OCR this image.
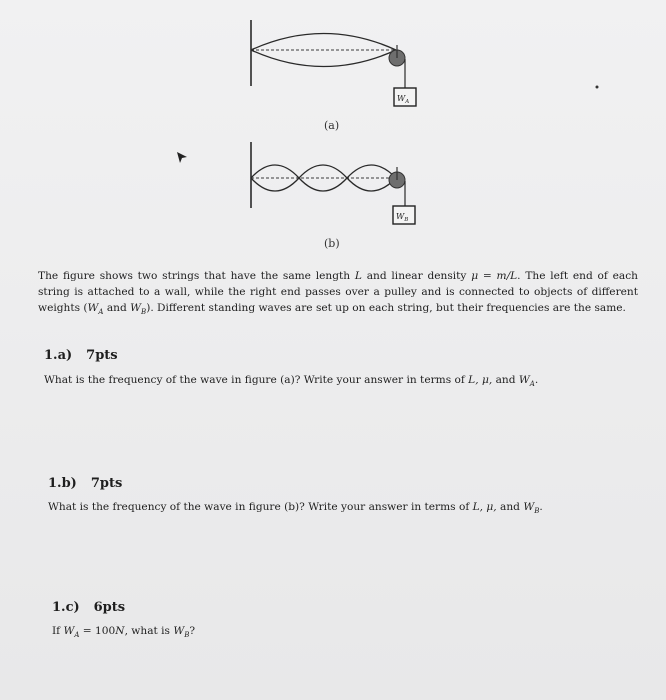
$W_A$
(a)
$W_B$
(b)
The figure shows two strings that have the same length L and linear density μ = m/L. The left end of each string is attached to a wall, while the right end passes over a pulley and is connected to objects of different weights ($W_A$ and $W_B$). Different standing waves are set up on each string, but their frequencies are the same.
1.a) 7pts
What is the frequency of the wave in figure (a)? Write your answer in terms of L, μ, and $W_A$.
1.b) 7pts
What is the frequency of the wave in figure (b)? Write your answer in terms of L, μ, and $W_B$.
1.c) 6pts
If $W_A = 100N$, what is $W_B$?
